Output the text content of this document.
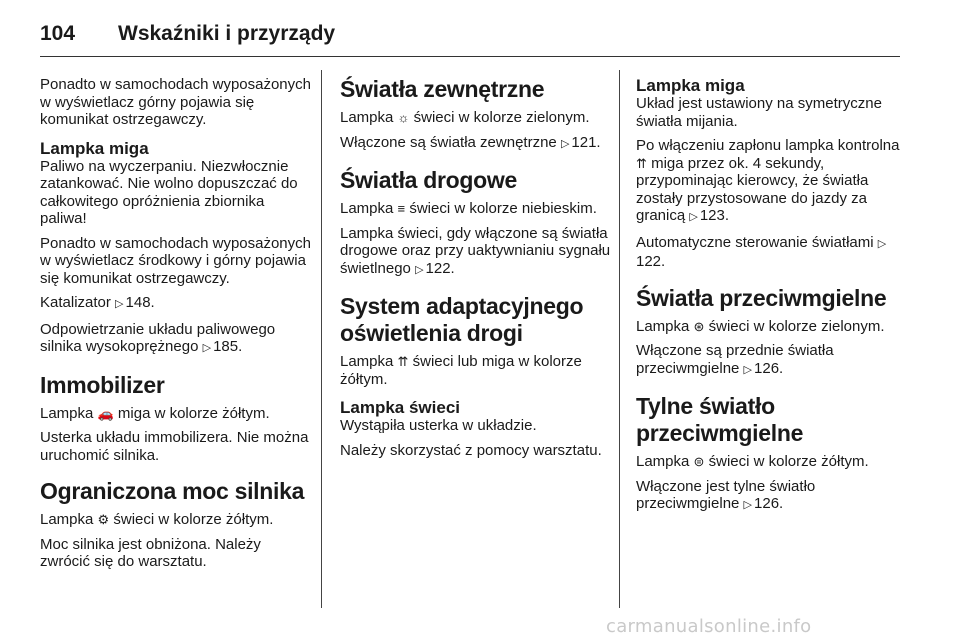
104 Wskaźniki i przyrządy

Ponadto w samochodach wyposażonych w wyświetlacz górny pojawia się komunikat ostrzegawczy.

Lampka miga

Paliwo na wyczerpaniu. Niezwłocznie zatankować. Nie wolno dopuszczać do całkowitego opróżnienia zbiornika paliwa!

Ponadto w samochodach wyposażonych w wyświetlacz środkowy i górny pojawia się komunikat ostrzegawczy.

Katalizator ▷ 148.

Odpowietrzanie układu paliwowego silnika wysokoprężnego ▷ 185.

Immobilizer

Lampka 🚗 miga w kolorze żółtym.

Usterka układu immobilizera. Nie można uruchomić silnika.

Ograniczona moc silnika

Lampka ⚙ świeci w kolorze żółtym.

Moc silnika jest obniżona. Należy zwrócić się do warsztatu.

Światła zewnętrzne

Lampka ☼ świeci w kolorze zielonym.

Włączone są światła zewnętrzne ▷ 121.

Światła drogowe

Lampka ≡ świeci w kolorze niebieskim.

Lampka świeci, gdy włączone są światła drogowe oraz przy uaktywnianiu sygnału świetlnego ▷ 122.

System adaptacyjnego oświetlenia drogi

Lampka ⇈ świeci lub miga w kolorze żółtym.

Lampka świeci

Wystąpiła usterka w układzie.

Należy skorzystać z pomocy warsztatu.

Lampka miga

Układ jest ustawiony na symetryczne światła mijania.

Po włączeniu zapłonu lampka kontrolna ⇈ miga przez ok. 4 sekundy, przypominając kierowcy, że światła zostały przystosowane do jazdy za granicą ▷ 123.

Automatyczne sterowanie światłami ▷122.

Światła przeciwmgielne

Lampka ⊛ świeci w kolorze zielonym.

Włączone są przednie światła przeciwmgielne ▷ 126.

Tylne światło przeciwmgielne

Lampka ⊜ świeci w kolorze żółtym.

Włączone jest tylne światło przeciwmgielne ▷ 126.

carmanualsonline.info
